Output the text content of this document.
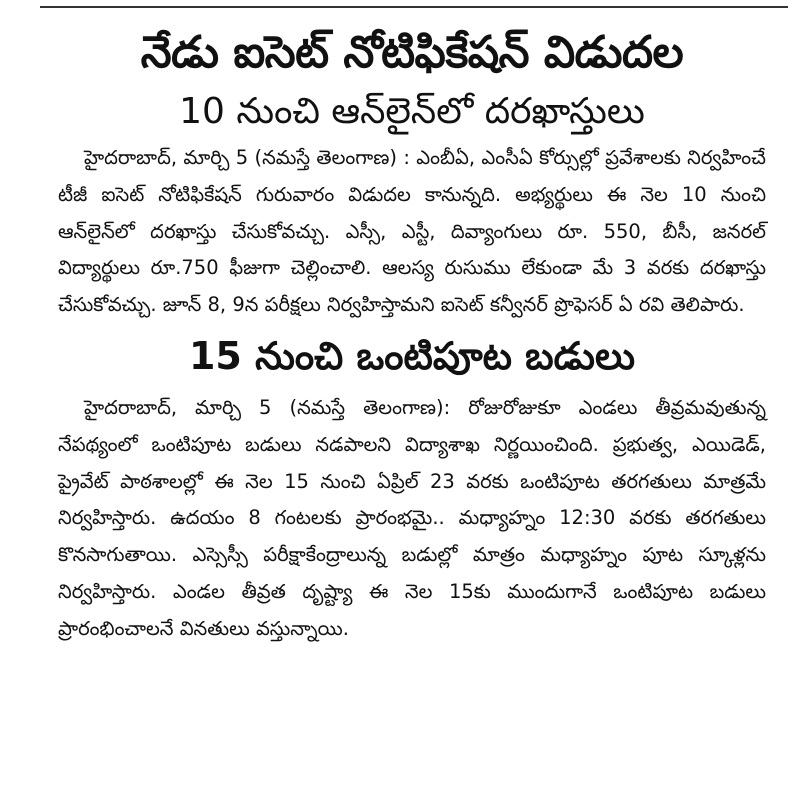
నేడు ఐసెట్ నోటిఫికేషన్ విడుదల
10 నుంచి ఆన్‌లైన్‌లో దరఖాస్తులు

హైదరాబాద్, మార్చి 5 (నమస్తే తెలంగాణ) : ఎంబీఏ, ఎంసీఏ కోర్సుల్లో ప్రవేశాలకు నిర్వహించే టీజీ ఐసెట్ నోటిఫికేషన్ గురువారం విడుదల కానున్నది. అభ్యర్థులు ఈ నెల 10 నుంచి ఆన్‌లైన్‌లో దరఖాస్తు చేసుకోవచ్చు. ఎస్సీ, ఎస్టీ, దివ్యాంగులు రూ. 550, బీసీ, జనరల్ విద్యార్థులు రూ.750 ఫీజుగా చెల్లించాలి. ఆలస్య రుసుము లేకుండా మే 3 వరకు దరఖాస్తు చేసుకోవచ్చు. జూన్ 8, 9న పరీక్షలు నిర్వహిస్తామని ఐసెట్ కన్వీనర్ ప్రొఫెసర్ ఏ రవి తెలిపారు.

15 నుంచి ఒంటిపూట బడులు

హైదరాబాద్, మార్చి 5 (నమస్తే తెలంగాణ): రోజురోజుకూ ఎండలు తీవ్రమవుతున్న నేపథ్యంలో ఒంటిపూట బడులు నడపాలని విద్యాశాఖ నిర్ణయించింది. ప్రభుత్వ, ఎయిడెడ్, ప్రైవేట్ పాఠశాలల్లో ఈ నెల 15 నుంచి ఏప్రిల్ 23 వరకు ఒంటిపూట తరగతులు మాత్రమే నిర్వహిస్తారు. ఉదయం 8 గంటలకు ప్రారంభమై.. మధ్యాహ్నం 12:30 వరకు తరగతులు కొనసాగుతాయి. ఎస్సెస్సీ పరీక్షాకేంద్రాలున్న బడుల్లో మాత్రం మధ్యాహ్నం పూట స్కూళ్లను నిర్వహిస్తారు. ఎండల తీవ్రత దృష్ట్యా ఈ నెల 15కు ముందుగానే ఒంటిపూట బడులు ప్రారంభించాలనే వినతులు వస్తున్నాయి.
